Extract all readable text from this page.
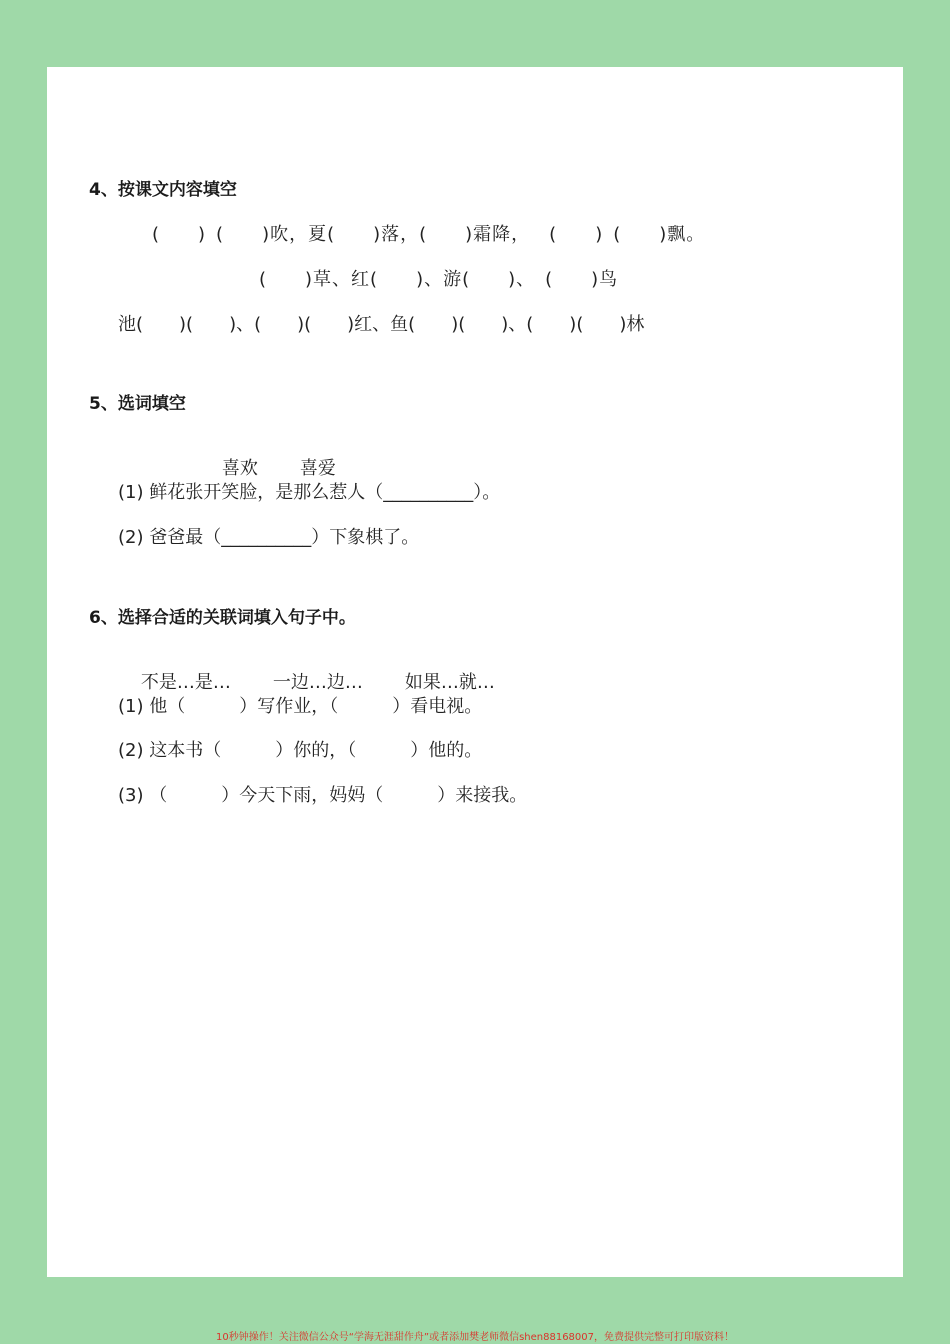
4、按课文内容填空
(  ) (  )吹，夏(  )落，(  )霜降， (  ) (  )飘。
(  )草、红(  )、游(  )、 (  )鸟
池(  )(  )、(  )(  )红、鱼(  )(  )、(  )(  )林
5、选词填空

喜欢 喜爱

(1) 鲜花张开笑脸，是那么惹人（__________）。
(2) 爸爸最（__________）下象棋了。
6、选择合适的关联词填入句子中。

不是…是… 一边…边… 如果…就…

(1) 他（   ）写作业，（   ）看电视。
(2) 这本书（   ）你的，（   ）他的。
(3) （   ）今天下雨，妈妈（   ）来接我。
10秒钟操作！关注微信公众号“学海无涯甜作舟”或者添加樊老师微信shen88168007，免费提供完整可打印版资料！
